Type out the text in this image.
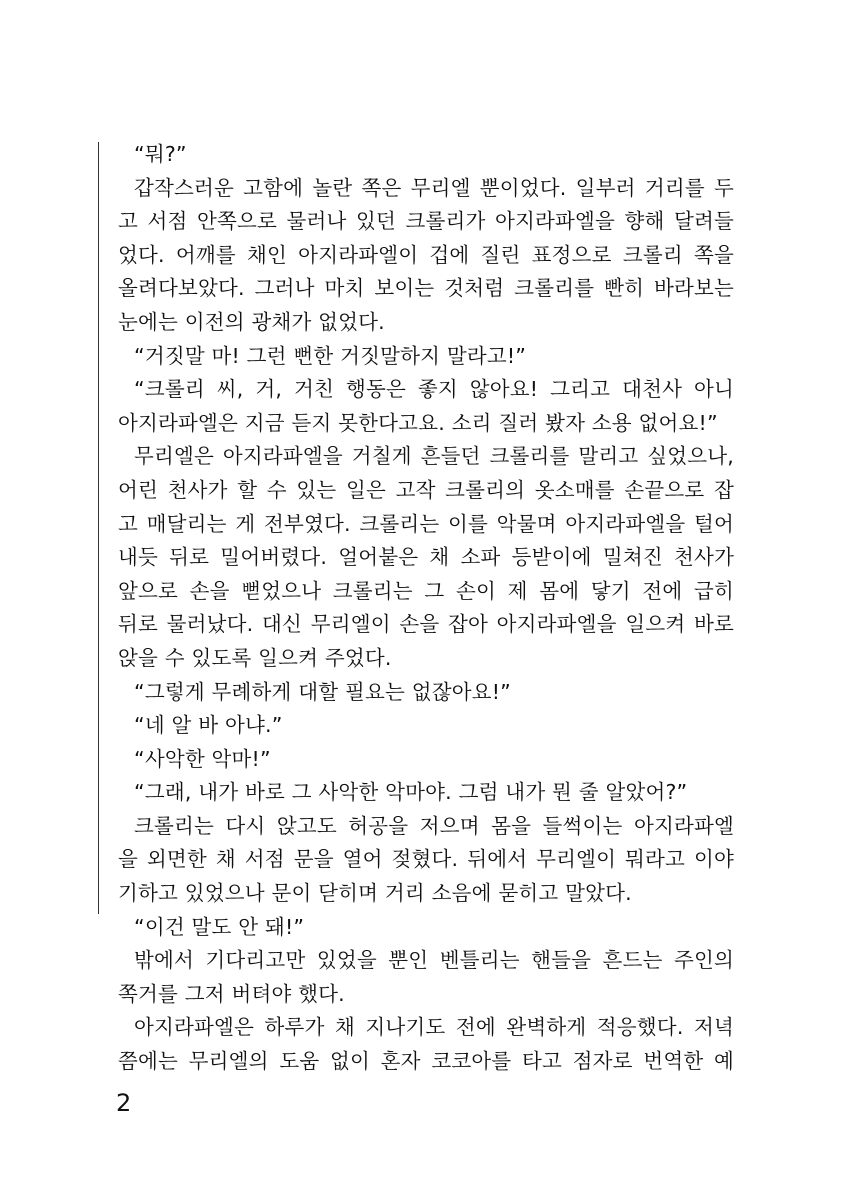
“뭐?”
갑작스러운 고함에 놀란 쪽은 무리엘 뿐이었다. 일부러 거리를 두
고 서점 안쪽으로 물러나 있던 크롤리가 아지라파엘을 향해 달려들
었다. 어깨를 채인 아지라파엘이 겁에 질린 표정으로 크롤리 쪽을
올려다보았다. 그러나 마치 보이는 것처럼 크롤리를 빤히 바라보는
눈에는 이전의 광채가 없었다.
“거짓말 마! 그런 뻔한 거짓말하지 말라고!”
“크롤리 씨, 거, 거친 행동은 좋지 않아요! 그리고 대천사 아니
아지라파엘은 지금 듣지 못한다고요. 소리 질러 봤자 소용 없어요!”
무리엘은 아지라파엘을 거칠게 흔들던 크롤리를 말리고 싶었으나,
어린 천사가 할 수 있는 일은 고작 크롤리의 옷소매를 손끝으로 잡
고 매달리는 게 전부였다. 크롤리는 이를 악물며 아지라파엘을 털어
내듯 뒤로 밀어버렸다. 얼어붙은 채 소파 등받이에 밀쳐진 천사가
앞으로 손을 뻗었으나 크롤리는 그 손이 제 몸에 닿기 전에 급히
뒤로 물러났다. 대신 무리엘이 손을 잡아 아지라파엘을 일으켜 바로
앉을 수 있도록 일으켜 주었다.
“그렇게 무례하게 대할 필요는 없잖아요!”
“네 알 바 아냐.”
“사악한 악마!”
“그래, 내가 바로 그 사악한 악마야. 그럼 내가 뭔 줄 알았어?”
크롤리는 다시 앉고도 허공을 저으며 몸을 들썩이는 아지라파엘
을 외면한 채 서점 문을 열어 젖혔다. 뒤에서 무리엘이 뭐라고 이야
기하고 있었으나 문이 닫히며 거리 소음에 묻히고 말았다.
“이건 말도 안 돼!”
밖에서 기다리고만 있었을 뿐인 벤틀리는 핸들을 흔드는 주인의
쪽거를 그저 버텨야 했다.
아지라파엘은 하루가 채 지나기도 전에 완벽하게 적응했다. 저녁
쯤에는 무리엘의 도움 없이 혼자 코코아를 타고 점자로 번역한 예
2
